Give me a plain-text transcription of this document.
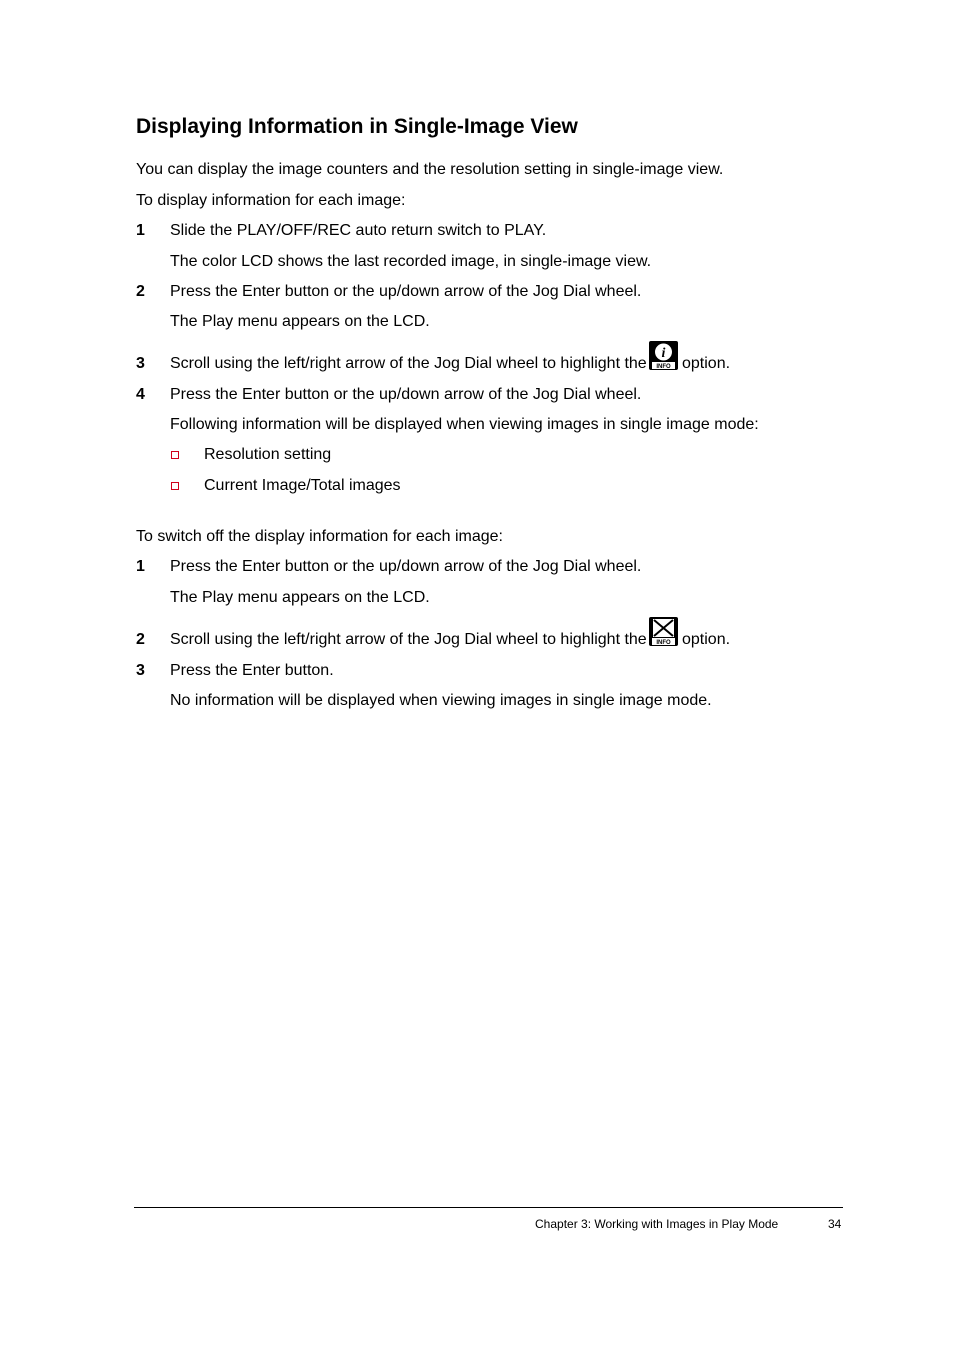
Displaying Information in Single-Image View
You can display the image counters and the resolution setting in single-image view.
To display information for each image:
1 Slide the PLAY/OFF/REC auto return switch to PLAY.
The color LCD shows the last recorded image, in single-image view.
2 Press the Enter button or the up/down arrow of the Jog Dial wheel.
The Play menu appears on the LCD.
3 Scroll using the left/right arrow of the Jog Dial wheel to highlight the
i
INFO option.
4 Press the Enter button or the up/down arrow of the Jog Dial wheel.
Following information will be displayed when viewing images in single image mode:
Resolution setting
Current Image/Total images
To switch off the display information for each image:
1 Press the Enter button or the up/down arrow of the Jog Dial wheel.
The Play menu appears on the LCD.
2 Scroll using the left/right arrow of the Jog Dial wheel to highlight the INFO option.
3 Press the Enter button.
No information will be displayed when viewing images in single image mode.
Chapter 3: Working with Images in Play Mode	34
